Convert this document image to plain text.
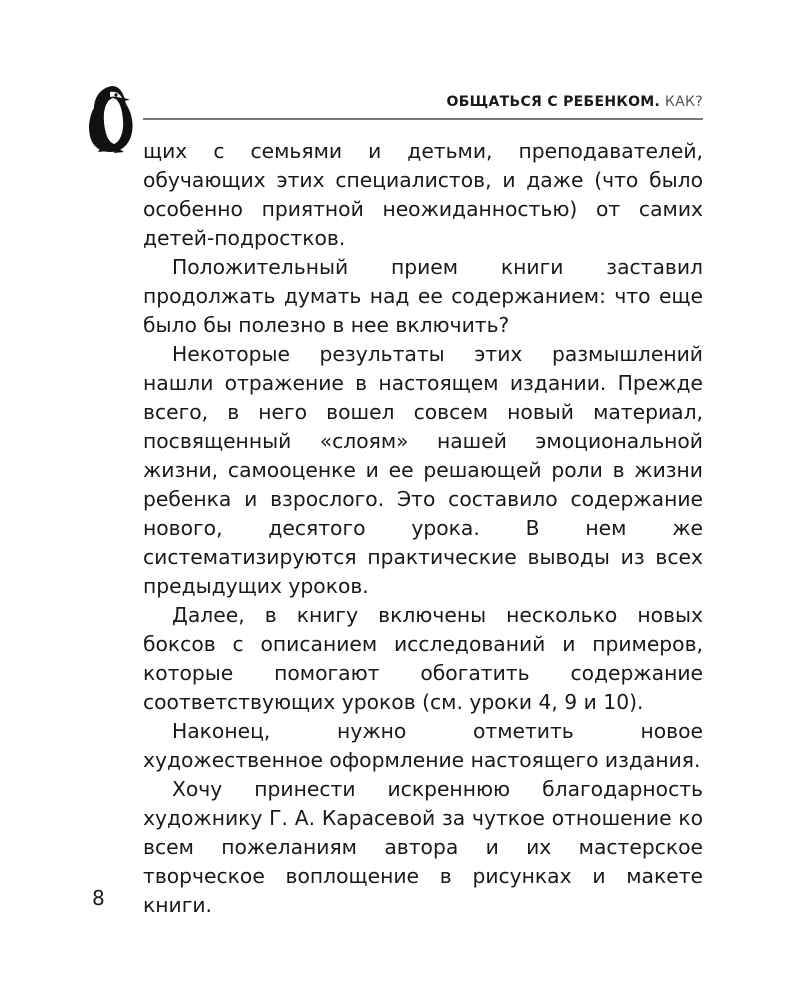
ОБЩАТЬСЯ С РЕБЕНКОМ. КАК?

щих с семьями и детьми, преподавателей, обучающих этих специалистов, и даже (что было особенно приятной неожиданностью) от самих детей-подростков.

Положительный прием книги заставил продолжать думать над ее содержанием: что еще было бы полезно в нее включить?

Некоторые результаты этих размышлений нашли отражение в настоящем издании. Прежде всего, в него вошел совсем новый материал, посвященный «слоям» нашей эмоциональной жизни, самооценке и ее решающей роли в жизни ребенка и взрослого. Это составило содержание нового, десятого урока. В нем же систематизируются практические выводы из всех предыдущих уроков.

Далее, в книгу включены несколько новых боксов с описанием исследований и примеров, которые помогают обогатить содержание соответствующих уроков (см. уроки 4, 9 и 10).

Наконец, нужно отметить новое художественное оформление настоящего издания.

Хочу принести искреннюю благодарность художнику Г. А. Карасевой за чуткое отношение ко всем пожеланиям автора и их мастерское творческое воплощение в рисунках и макете книги.

8
